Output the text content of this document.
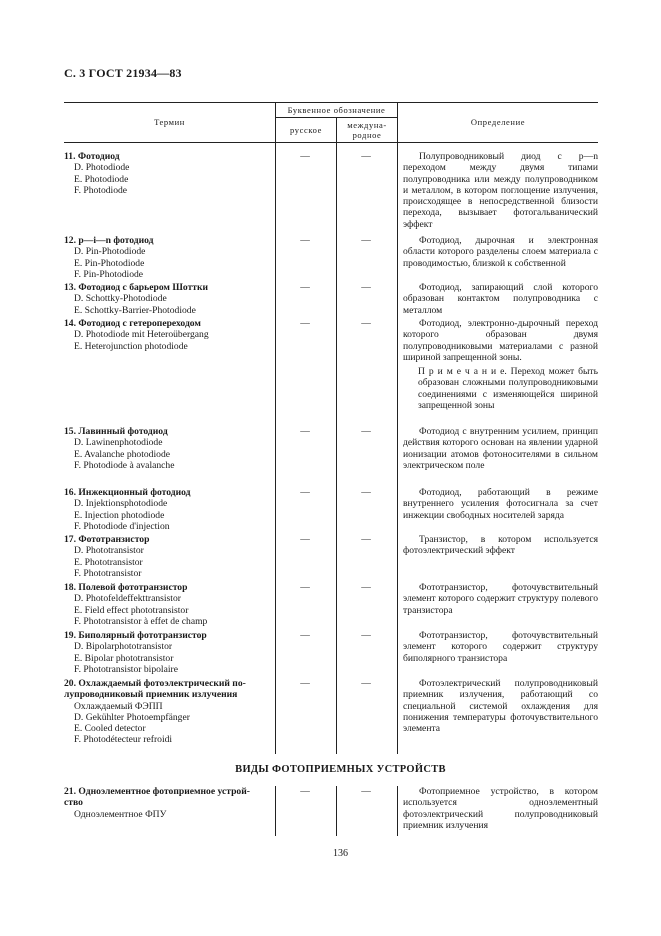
С. 3 ГОСТ 21934—83
Термин
Буквенное обозначение
русское	междуна-
родное
Определение
11. Фотодиод
D. Photodiode
E. Photodiode
F. Photodiode
—	—	Полупроводниковый диод с p—n переходом между двумя типами полупроводника или между полупроводником и металлом, в котором поглощение излучения, происходящее в непосредственной близости перехода, вызывает фотогальванический эффект
12. p—i—n фотодиод
D. Pin-Photodiode
E. Pin-Photodiode
F. Pin-Photodiode
—	—	Фотодиод, дырочная и электронная области которого разделены слоем материала с проводимостью, близкой к собственной
13. Фотодиод с барьером Шоттки
D. Schottky-Photodiode
E. Schottky-Barrier-Photodiode
—	—	Фотодиод, запирающий слой которого образован контактом полупроводника с металлом
14. Фотодиод с гетеропереходом
D. Photodiode mit Heteroübergang
E. Heterojunction photodiode
—	—	Фотодиод, электронно-дырочный переход которого образован двумя полупроводниковыми материалами с разной шириной запрещенной зоны.
П р и м е ч а н и е. Переход может быть образован сложными полупроводниковыми соединениями с изменяющейся шириной запрещенной зоны
15. Лавинный фотодиод
D. Lawinenphotodiode
E. Avalanche photodiode
F. Photodiode à avalanche
—	—	Фотодиод с внутренним усилием, принцип действия которого основан на явлении ударной ионизации атомов фотоносителями в сильном электрическом поле
16. Инжекционный фотодиод
D. Injektionsphotodiode
E. Injection photodiode
F. Photodiode d'injection
—	—	Фотодиод, работающий в режиме внутреннего усиления фотосигнала за счет инжекции свободных носителей заряда
17. Фототранзистор
D. Phototransistor
E. Phototransistor
F. Phototransistor
—	—	Транзистор, в котором используется фотоэлектрический эффект
18. Полевой фототранзистор
D. Photofeldeffekttransistor
E. Field effect phototransistor
F. Phototransistor à effet de champ
—	—	Фототранзистор, фоточувствительный элемент которого содержит структуру полевого транзистора
19. Биполярный фототранзистор
D. Bipolarphototransistor
E. Bipolar phototransistor
F. Phototransistor bipolaire
—	—	Фототранзистор, фоточувствительный элемент которого содержит структуру биполярного транзистора
20. Охлаждаемый фотоэлектрический по-
лупроводниковый приемник излучения
Охлаждаемый ФЭПП
D. Gekühlter Photoempfänger
E. Cooled detector
F. Photodétecteur refroidi
—	—	Фотоэлектрический полупроводниковый приемник излучения, работающий со специальной системой охлаждения для понижения температуры фоточувствительного элемента
ВИДЫ ФОТОПРИЕМНЫХ УСТРОЙСТВ
21. Одноэлементное фотоприемное устрой-
ство
Одноэлементное ФПУ
—	—	Фотоприемное устройство, в котором используется одноэлементный фотоэлектрический полупроводниковый приемник излучения
136
